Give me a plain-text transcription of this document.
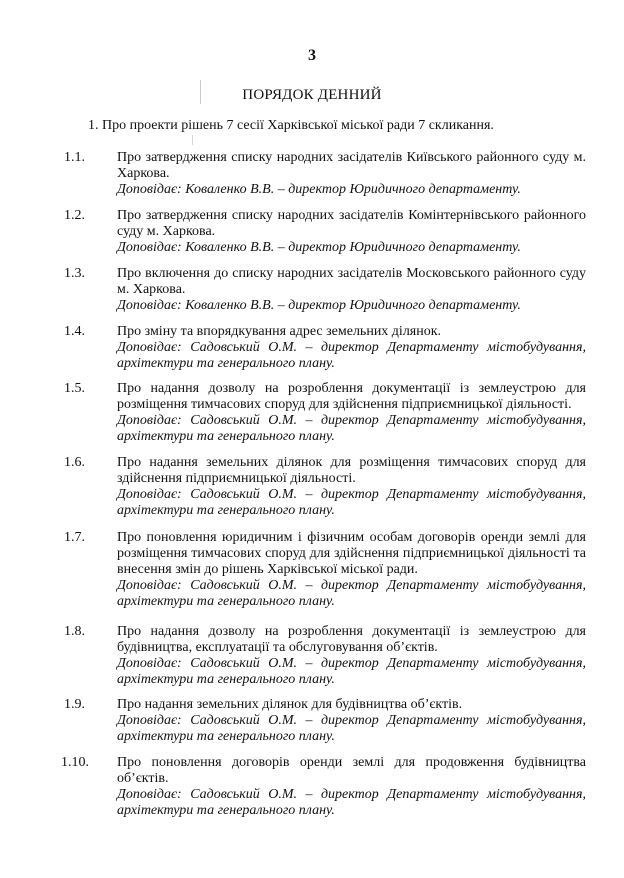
3
ПОРЯДОК ДЕННИЙ
1. Про проекти рішень 7 сесії Харківської міської ради 7 скликання.
1.1.	Про затвердження списку народних засідателів Київського районного суду м. Харкова.

Доповідає: Коваленко В.В. – директор Юридичного департаменту.

1.2.	Про затвердження списку народних засідателів Комінтернівського районного суду м. Харкова.

Доповідає: Коваленко В.В. – директор Юридичного департаменту.

1.3.	Про включення до списку народних засідателів Московського районного суду м. Харкова.

Доповідає: Коваленко В.В. – директор Юридичного департаменту.

1.4.	Про зміну та впорядкування адрес земельних ділянок.

Доповідає: Садовський О.М. – директор Департаменту містобудування, архітектури та генерального плану.

1.5.	Про надання дозволу на розроблення документації із землеустрою для розміщення тимчасових споруд для здійснення підприємницької діяльності.

Доповідає: Садовський О.М. – директор Департаменту містобудування, архітектури та генерального плану.

1.6.	Про надання земельних ділянок для розміщення тимчасових споруд для здійснення підприємницької діяльності.

Доповідає: Садовський О.М. – директор Департаменту містобудування, архітектури та генерального плану.

1.7.	Про поновлення юридичним і фізичним особам договорів оренди землі для розміщення тимчасових споруд для здійснення підприємницької діяльності та внесення змін до рішень Харківської міської ради.

Доповідає: Садовський О.М. – директор Департаменту містобудування, архітектури та генерального плану.

1.8.	Про надання дозволу на розроблення документації із землеустрою для будівництва, експлуатації та обслуговування об’єктів.

Доповідає: Садовський О.М. – директор Департаменту містобудування, архітектури та генерального плану.

1.9.	Про надання земельних ділянок для будівництва об’єктів.

Доповідає: Садовський О.М. – директор Департаменту містобудування, архітектури та генерального плану.

1.10.	Про поновлення договорів оренди землі для продовження будівництва об’єктів.

Доповідає: Садовський О.М. – директор Департаменту містобудування, архітектури та генерального плану.
